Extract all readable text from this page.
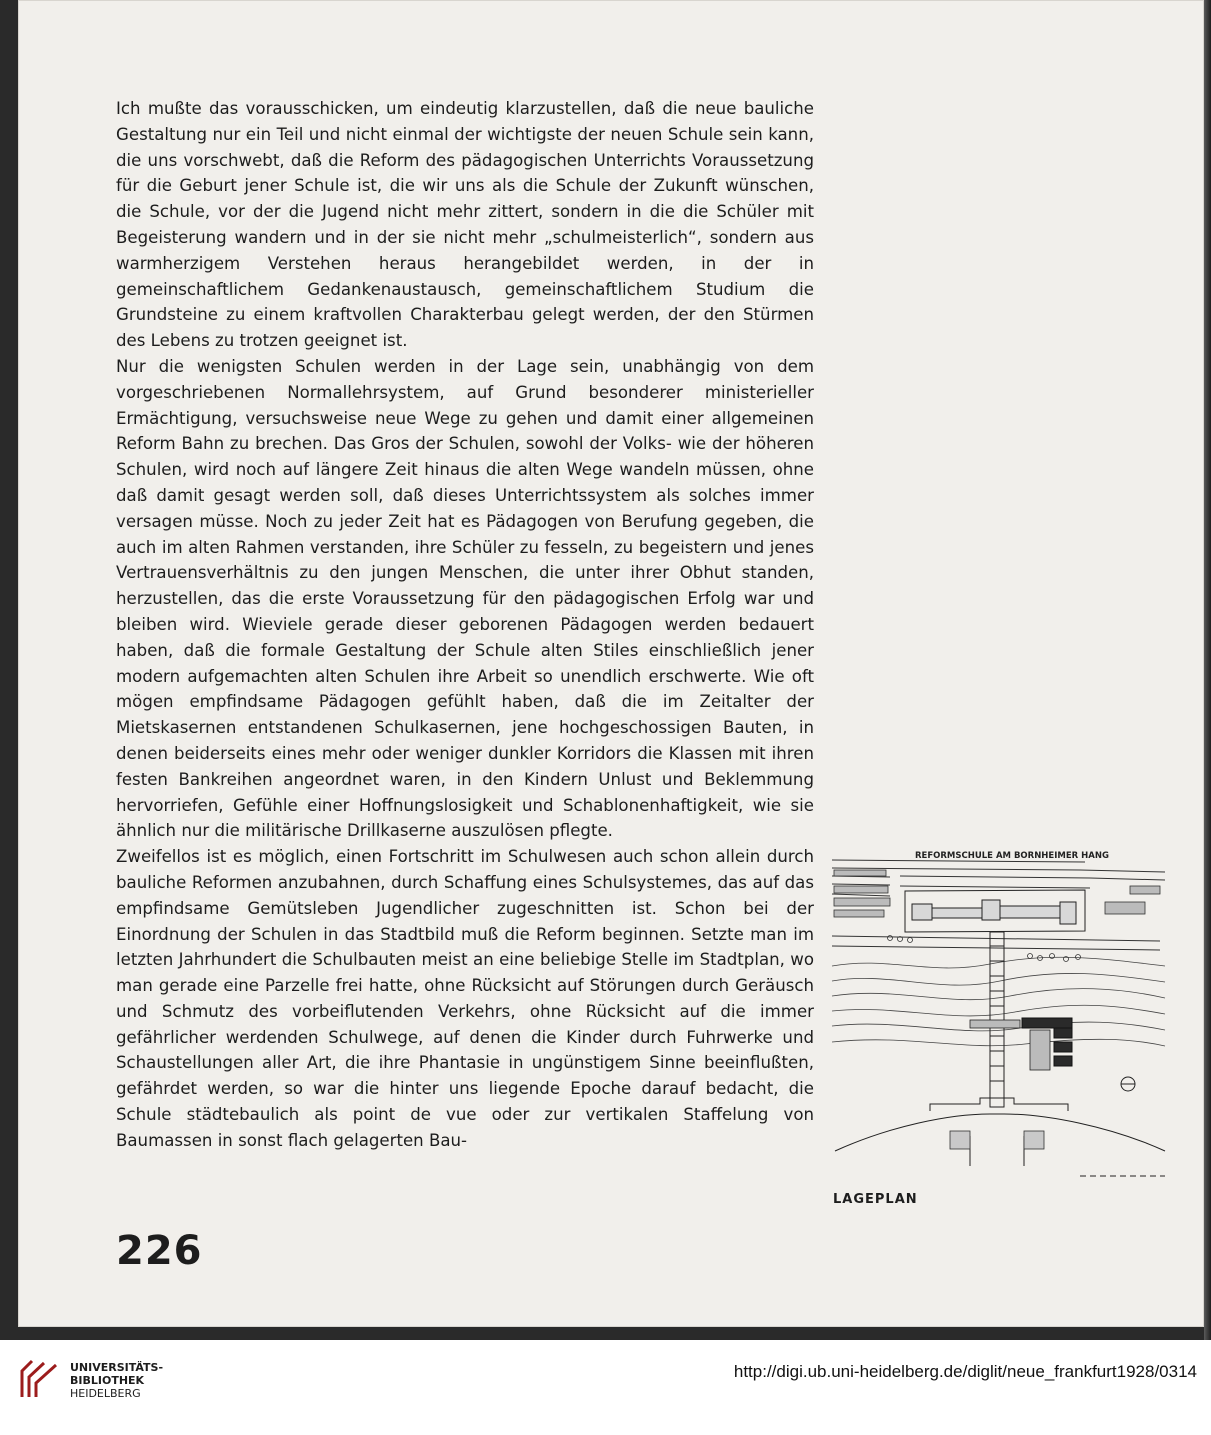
Ich mußte das vorausschicken, um eindeutig klarzustellen, daß die neue bauliche Gestaltung nur ein Teil und nicht einmal der wichtigste der neuen Schule sein kann, die uns vorschwebt, daß die Reform des pädagogischen Unterrichts Voraussetzung für die Geburt jener Schule ist, die wir uns als die Schule der Zukunft wünschen, die Schule, vor der die Jugend nicht mehr zittert, sondern in die die Schüler mit Begeisterung wandern und in der sie nicht mehr „schulmeisterlich“, sondern aus warmherzigem Verstehen heraus herangebildet werden, in der in gemeinschaftlichem Gedankenaustausch, gemeinschaftlichem Studium die Grundsteine zu einem kraftvollen Charakterbau gelegt werden, der den Stürmen des Lebens zu trotzen geeignet ist.

Nur die wenigsten Schulen werden in der Lage sein, unabhängig von dem vorgeschriebenen Normallehrsystem, auf Grund besonderer ministerieller Ermächtigung, versuchsweise neue Wege zu gehen und damit einer allgemeinen Reform Bahn zu brechen. Das Gros der Schulen, sowohl der Volks- wie der höheren Schulen, wird noch auf längere Zeit hinaus die alten Wege wandeln müssen, ohne daß damit gesagt werden soll, daß dieses Unterrichtssystem als solches immer versagen müsse. Noch zu jeder Zeit hat es Pädagogen von Berufung gegeben, die auch im alten Rahmen verstanden, ihre Schüler zu fesseln, zu begeistern und jenes Vertrauensverhältnis zu den jungen Menschen, die unter ihrer Obhut standen, herzustellen, das die erste Voraussetzung für den pädagogischen Erfolg war und bleiben wird. Wieviele gerade dieser geborenen Pädagogen werden bedauert haben, daß die formale Gestaltung der Schule alten Stiles einschließlich jener modern aufgemachten alten Schulen ihre Arbeit so unendlich erschwerte. Wie oft mögen empfindsame Pädagogen gefühlt haben, daß die im Zeitalter der Mietskasernen entstandenen Schulkasernen, jene hochgeschossigen Bauten, in denen beiderseits eines mehr oder weniger dunkler Korridors die Klassen mit ihren festen Bankreihen angeordnet waren, in den Kindern Unlust und Beklemmung hervorriefen, Gefühle einer Hoffnungslosigkeit und Schablonenhaftigkeit, wie sie ähnlich nur die militärische Drillkaserne auszulösen pflegte.

Zweifellos ist es möglich, einen Fortschritt im Schulwesen auch schon allein durch bauliche Reformen anzubahnen, durch Schaffung eines Schulsystemes, das auf das empfindsame Gemütsleben Jugendlicher zugeschnitten ist. Schon bei der Einordnung der Schulen in das Stadtbild muß die Reform beginnen. Setzte man im letzten Jahrhundert die Schulbauten meist an eine beliebige Stelle im Stadtplan, wo man gerade eine Parzelle frei hatte, ohne Rücksicht auf Störungen durch Geräusch und Schmutz des vorbeiflutenden Verkehrs, ohne Rücksicht auf die immer gefährlicher werdenden Schulwege, auf denen die Kinder durch Fuhrwerke und Schaustellungen aller Art, die ihre Phantasie in ungünstigem Sinne beeinflußten, gefährdet werden, so war die hinter uns liegende Epoche darauf bedacht, die Schule städtebaulich als point de vue oder zur vertikalen Staffelung von Baumassen in sonst flach gelagerten Bau-

REFORMSCHULE AM BORNHEIMER HANG
LAGEPLAN
226
UNIVERSITÄTS-
BIBLIOTHEK
HEIDELBERG
http://digi.ub.uni-heidelberg.de/diglit/neue_frankfurt1928/0314
